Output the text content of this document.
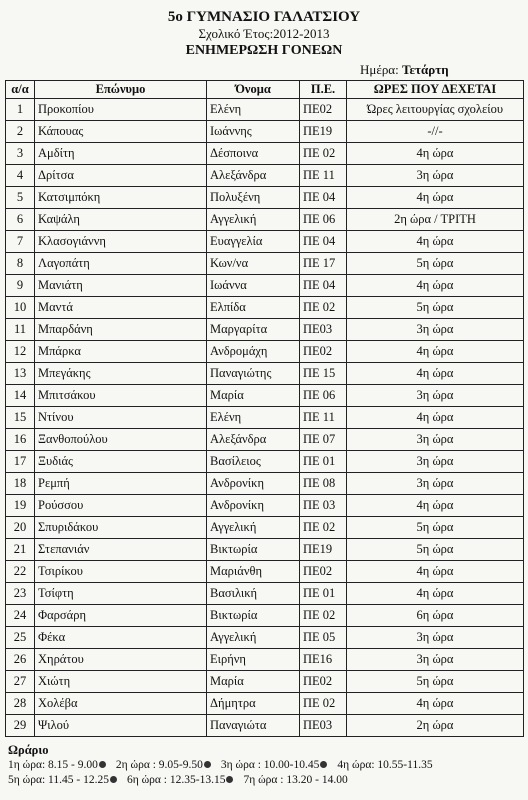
5ο ΓΥΜΝΑΣΙΟ ΓΑΛΑΤΣΙΟΥ
Σχολικό Έτος:2012-2013
ΕΝΗΜΕΡΩΣΗ ΓΟΝΕΩΝ
Ημέρα: Τετάρτη
α/α	Επώνυμο	Όνομα	Π.Ε.	ΩΡΕΣ ΠΟΥ ΔΕΧΕΤΑΙ
1	Προκοπίου	Ελένη	ΠΕ02	Ώρες λειτουργίας σχολείου
2	Κάπουας	Ιωάννης	ΠΕ19	-//-
3	Αμδίτη	Δέσποινα	ΠΕ 02	4η ώρα
4	Δρίτσα	Αλεξάνδρα	ΠΕ 11	3η ώρα
5	Κατσιμπόκη	Πολυξένη	ΠΕ 04	4η ώρα
6	Καψάλη	Αγγελική	ΠΕ 06	2η ώρα / ΤΡΙΤΗ
7	Κλασογιάννη	Ευαγγελία	ΠΕ 04	4η ώρα
8	Λαγοπάτη	Κων/να	ΠΕ 17	5η ώρα
9	Μανιάτη	Ιωάννα	ΠΕ 04	4η ώρα
10	Μαντά	Ελπίδα	ΠΕ 02	5η ώρα
11	Μπαρδάνη	Μαργαρίτα	ΠΕ03	3η ώρα
12	Μπάρκα	Ανδρομάχη	ΠΕ02	4η ώρα
13	Μπεγάκης	Παναγιώτης	ΠΕ 15	4η ώρα
14	Μπιτσάκου	Μαρία	ΠΕ 06	3η ώρα
15	Ντίνου	Ελένη	ΠΕ 11	4η ώρα
16	Ξανθοπούλου	Αλεξάνδρα	ΠΕ 07	3η ώρα
17	Ξυδιάς	Βασίλειος	ΠΕ 01	3η ώρα
18	Ρεμπή	Ανδρονίκη	ΠΕ 08	3η ώρα
19	Ρούσσου	Ανδρονίκη	ΠΕ 03	4η ώρα
20	Σπυριδάκου	Αγγελική	ΠΕ 02	5η ώρα
21	Στεπανιάν	Βικτωρία	ΠΕ19	5η ώρα
22	Τσιρίκου	Μαριάνθη	ΠΕ02	4η ώρα
23	Τσίφτη	Βασιλική	ΠΕ 01	4η ώρα
24	Φαρσάρη	Βικτωρία	ΠΕ 02	6η ώρα
25	Φέκα	Αγγελική	ΠΕ 05	3η ώρα
26	Χηράτου	Ειρήνη	ΠΕ16	3η ώρα
27	Χιώτη	Μαρία	ΠΕ02	5η ώρα
28	Χολέβα	Δήμητρα	ΠΕ 02	4η ώρα
29	Ψιλού	Παναγιώτα	ΠΕ03	2η ώρα
Ωράριο
1η ώρα: 8.15 - 9.00 2η ώρα : 9.05-9.50 3η ώρα : 10.00-10.45 4η ώρα: 10.55-11.35
5η ώρα: 11.45 - 12.25 6η ώρα : 12.35-13.15 7η ώρα : 13.20 - 14.00
